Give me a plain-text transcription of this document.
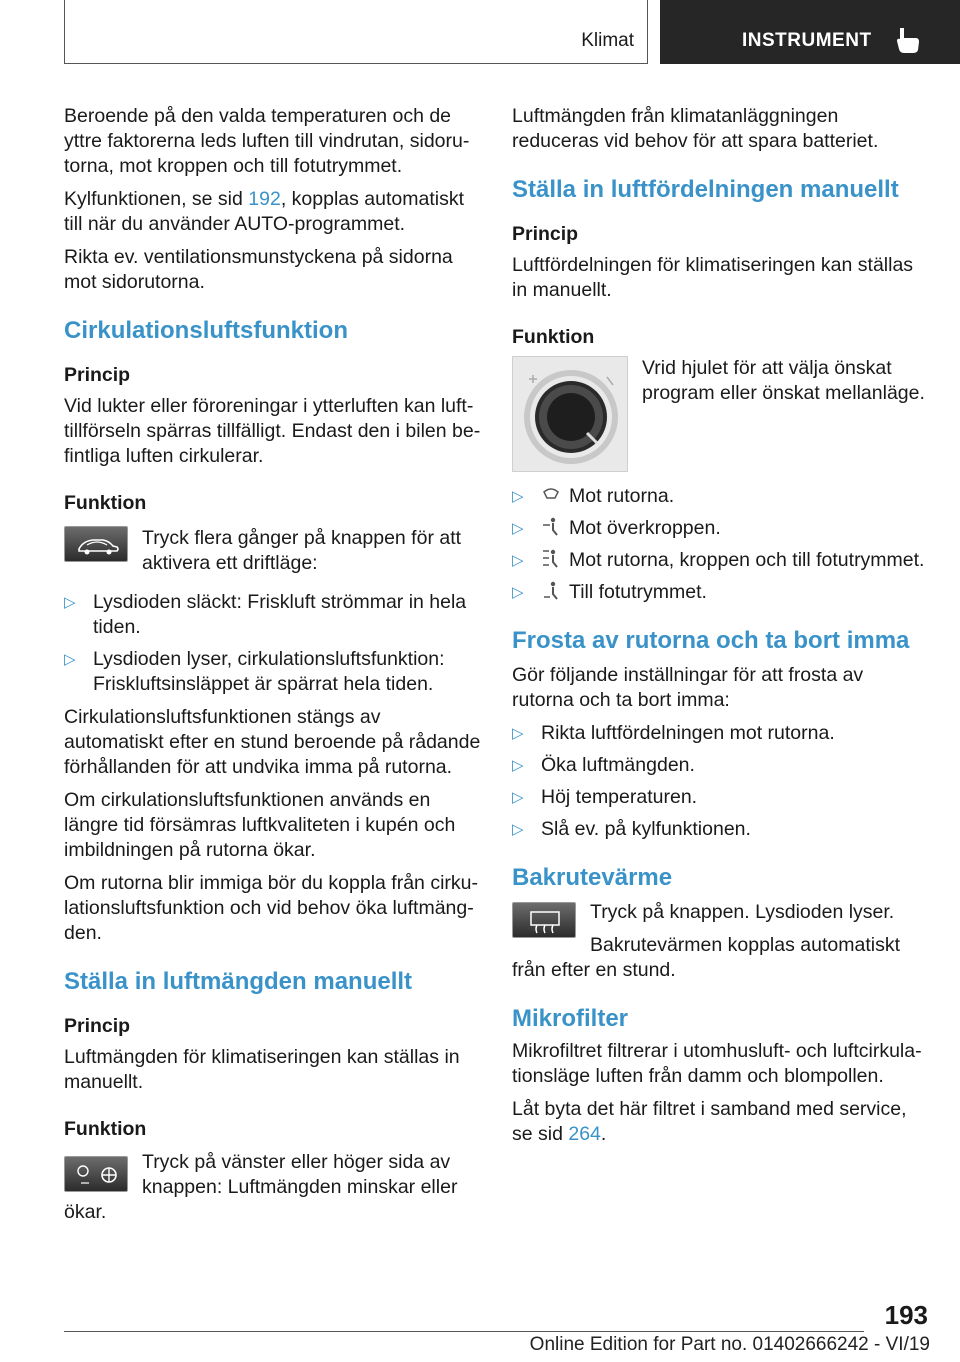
Klimat	INSTRUMENT

Beroende på den valda temperaturen och de yttre faktorerna leds luften till vindrutan, sidorutorna, mot kroppen och till fotutrymmet.

Kylfunktionen, se sid 192, kopplas automatiskt till när du använder AUTO-programmet.

Rikta ev. ventilationsmunstyckena på sidorna mot sidorutorna.

Cirkulationsluftsfunktion
Princip

Vid lukter eller föroreningar i ytterluften kan lufttillförseln spärras tillfälligt. Endast den i bilen befintliga luften cirkulerar.

Funktion

Tryck flera gånger på knappen för att aktivera ett driftläge:

▷ Lysdioden släckt: Friskluft strömmar in hela tiden.
▷ Lysdioden lyser, cirkulationsluftsfunktion: Friskluftsinsläppet är spärrat hela tiden.

Cirkulationsluftsfunktionen stängs av automatiskt efter en stund beroende på rådande förhållanden för att undvika imma på rutorna.

Om cirkulationsluftsfunktionen används en längre tid försämras luftkvaliteten i kupén och imbildningen på rutorna ökar.

Om rutorna blir immiga bör du koppla från cirkulationsluftsfunktion och vid behov öka luftmängden.

Ställa in luftmängden manuellt
Princip

Luftmängden för klimatiseringen kan ställas in manuellt.

Funktion
Tryck på vänster eller höger sida av knappen: Luftmängden minskar eller ökar.

Luftmängden från klimatanläggningen reduceras vid behov för att spara batteriet.

Ställa in luftfördelningen manuellt
Princip

Luftfördelningen för klimatiseringen kan ställas in manuellt.

Funktion

Vrid hjulet för att välja önskat program eller önskat mellanläge.

▷ Mot rutorna.
▷ Mot överkroppen.
▷ Mot rutorna, kroppen och till fotutrymmet.
▷ Till fotutrymmet.
Frosta av rutorna och ta bort imma

Gör följande inställningar för att frosta av rutorna och ta bort imma:

▷ Rikta luftfördelningen mot rutorna.
▷ Öka luftmängden.
▷ Höj temperaturen.
▷ Slå ev. på kylfunktionen.
Bakrutevärme

Tryck på knappen. Lysdioden lyser.

Bakrutevärmen kopplas automatiskt från efter en stund.
Mikrofilter

Mikrofiltret filtrerar i utomhusluft- och luftcirkulationsläge luften från damm och blompollen.

Låt byta det här filtret i samband med service, se sid 264.

193
Online Edition for Part no. 01402666242 - VI/19
